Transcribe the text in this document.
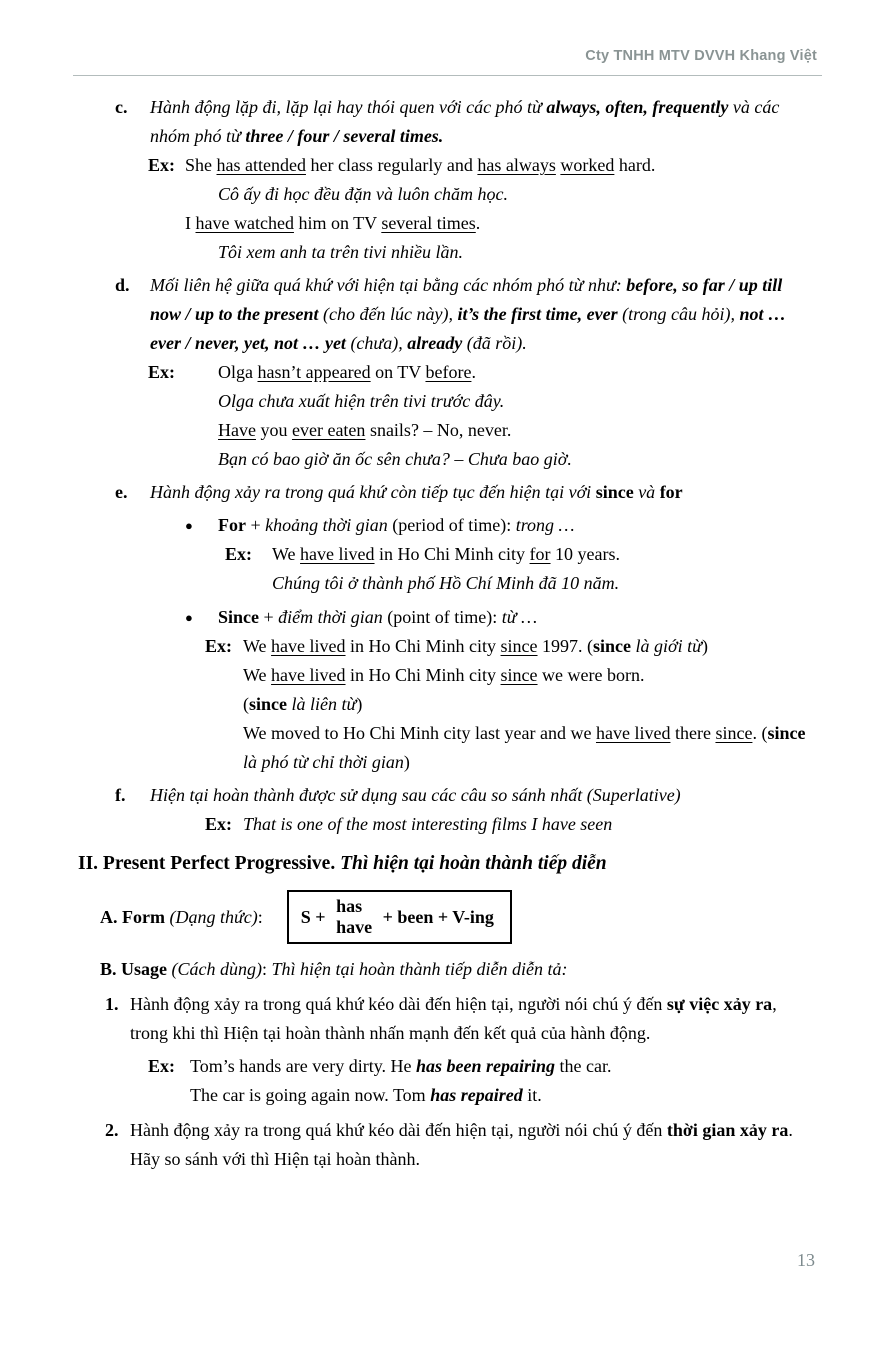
Cty TNHH MTV DVVH Khang Việt
c. Hành động lặp đi, lặp lại hay thói quen với các phó từ always, often, frequently và các nhóm phó từ three / four / several times.
Ex: She has attended her class regularly and has always worked hard.
Cô ấy đi học đều đặn và luôn chăm học.
I have watched him on TV several times.
Tôi xem anh ta trên tivi nhiều lần.
d. Mối liên hệ giữa quá khứ với hiện tại bằng các nhóm phó từ như: before, so far / up till now / up to the present (cho đến lúc này), it’s the first time, ever (trong câu hỏi), not … ever / never, yet, not … yet (chưa), already (đã rồi).
Ex: Olga hasn’t appeared on TV before.
Olga chưa xuất hiện trên tivi trước đây.
Have you ever eaten snails? – No, never.
Bạn có bao giờ ăn ốc sên chưa? – Chưa bao giờ.
e. Hành động xảy ra trong quá khứ còn tiếp tục đến hiện tại với since và for
● For + khoảng thời gian (period of time): trong …
Ex: We have lived in Ho Chi Minh city for 10 years.
Chúng tôi ở thành phố Hồ Chí Minh đã 10 năm.
● Since + điểm thời gian (point of time): từ …
Ex: We have lived in Ho Chi Minh city since 1997. (since là giới từ)
We have lived in Ho Chi Minh city since we were born.
(since là liên từ)
We moved to Ho Chi Minh city last year and we have lived there since. (since là phó từ chỉ thời gian)
f. Hiện tại hoàn thành được sử dụng sau các câu so sánh nhất (Superlative)
Ex: That is one of the most interesting films I have seen
II. Present Perfect Progressive. Thì hiện tại hoàn thành tiếp diễn
A. Form (Dạng thức): S +
has
have
+ been + V-ing
B. Usage (Cách dùng): Thì hiện tại hoàn thành tiếp diễn diễn tả:
1. Hành động xảy ra trong quá khứ kéo dài đến hiện tại, người nói chú ý đến sự việc xảy ra, trong khi thì Hiện tại hoàn thành nhấn mạnh đến kết quả của hành động.
Ex: Tom’s hands are very dirty. He has been repairing the car.
The car is going again now. Tom has repaired it.
2. Hành động xảy ra trong quá khứ kéo dài đến hiện tại, người nói chú ý đến thời gian xảy ra. Hãy so sánh với thì Hiện tại hoàn thành.
13
